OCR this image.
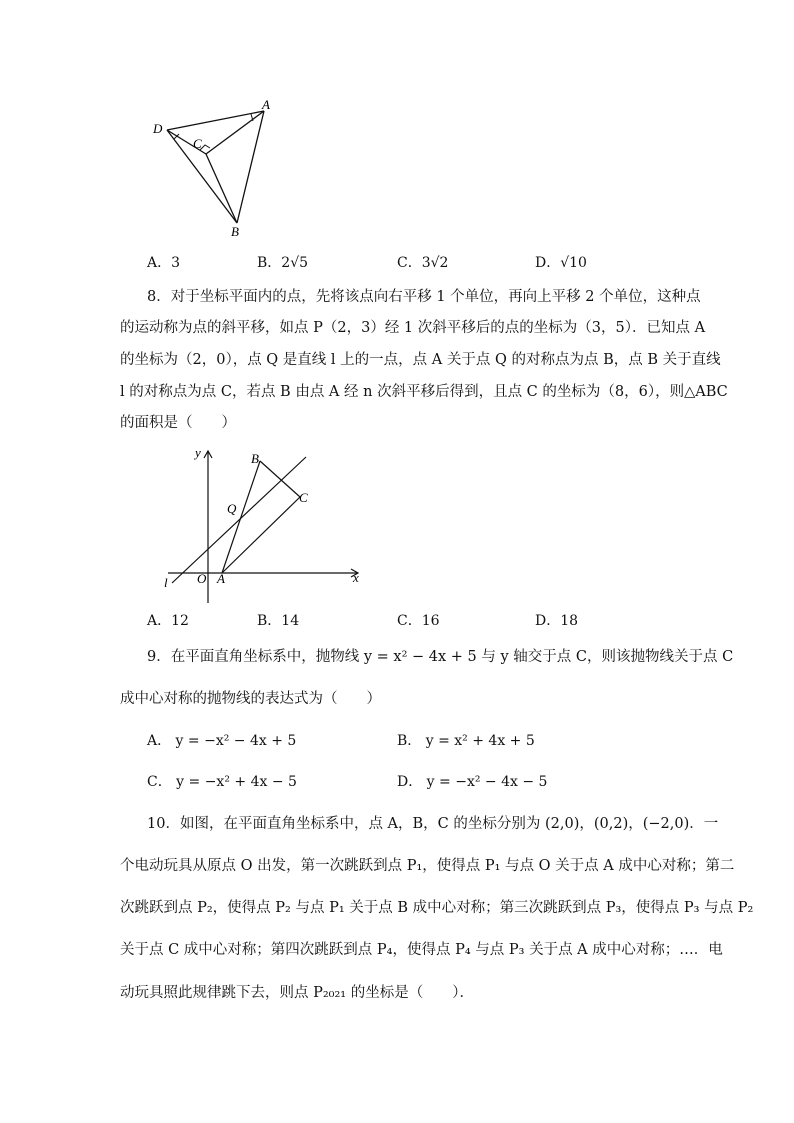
D
C
A
B
A．3	B．2√5	C．3√2	D．√10
8．对于坐标平面内的点，先将该点向右平移 1 个单位，再向上平移 2 个单位，这种点
的运动称为点的斜平移，如点 P（2，3）经 1 次斜平移后的点的坐标为（3，5）．已知点 A
的坐标为（2，0），点 Q 是直线 l 上的一点，点 A 关于点 Q 的对称点为点 B，点 B 关于直线
l 的对称点为点 C，若点 B 由点 A 经 n 次斜平移后得到，且点 C 的坐标为（8，6），则△ABC
的面积是（　　）
y
x
B
C
Q
l O A
A．12	B．14	C．16	D．18
9．在平面直角坐标系中，抛物线 y = x² − 4x + 5 与 y 轴交于点 C，则该抛物线关于点 C
成中心对称的抛物线的表达式为（　　）
A． y = −x² − 4x + 5	B． y = x² + 4x + 5
C． y = −x² + 4x − 5	D． y = −x² − 4x − 5
10．如图，在平面直角坐标系中，点 A，B，C 的坐标分别为 (2,0)，(0,2)，(−2,0)．一
个电动玩具从原点 O 出发，第一次跳跃到点 P₁，使得点 P₁ 与点 O 关于点 A 成中心对称；第二
次跳跃到点 P₂，使得点 P₂ 与点 P₁ 关于点 B 成中心对称；第三次跳跃到点 P₃，使得点 P₃ 与点 P₂
关于点 C 成中心对称；第四次跳跃到点 P₄，使得点 P₄ 与点 P₃ 关于点 A 成中心对称；…．电
动玩具照此规律跳下去，则点 P₂₀₂₁ 的坐标是（　　）．
